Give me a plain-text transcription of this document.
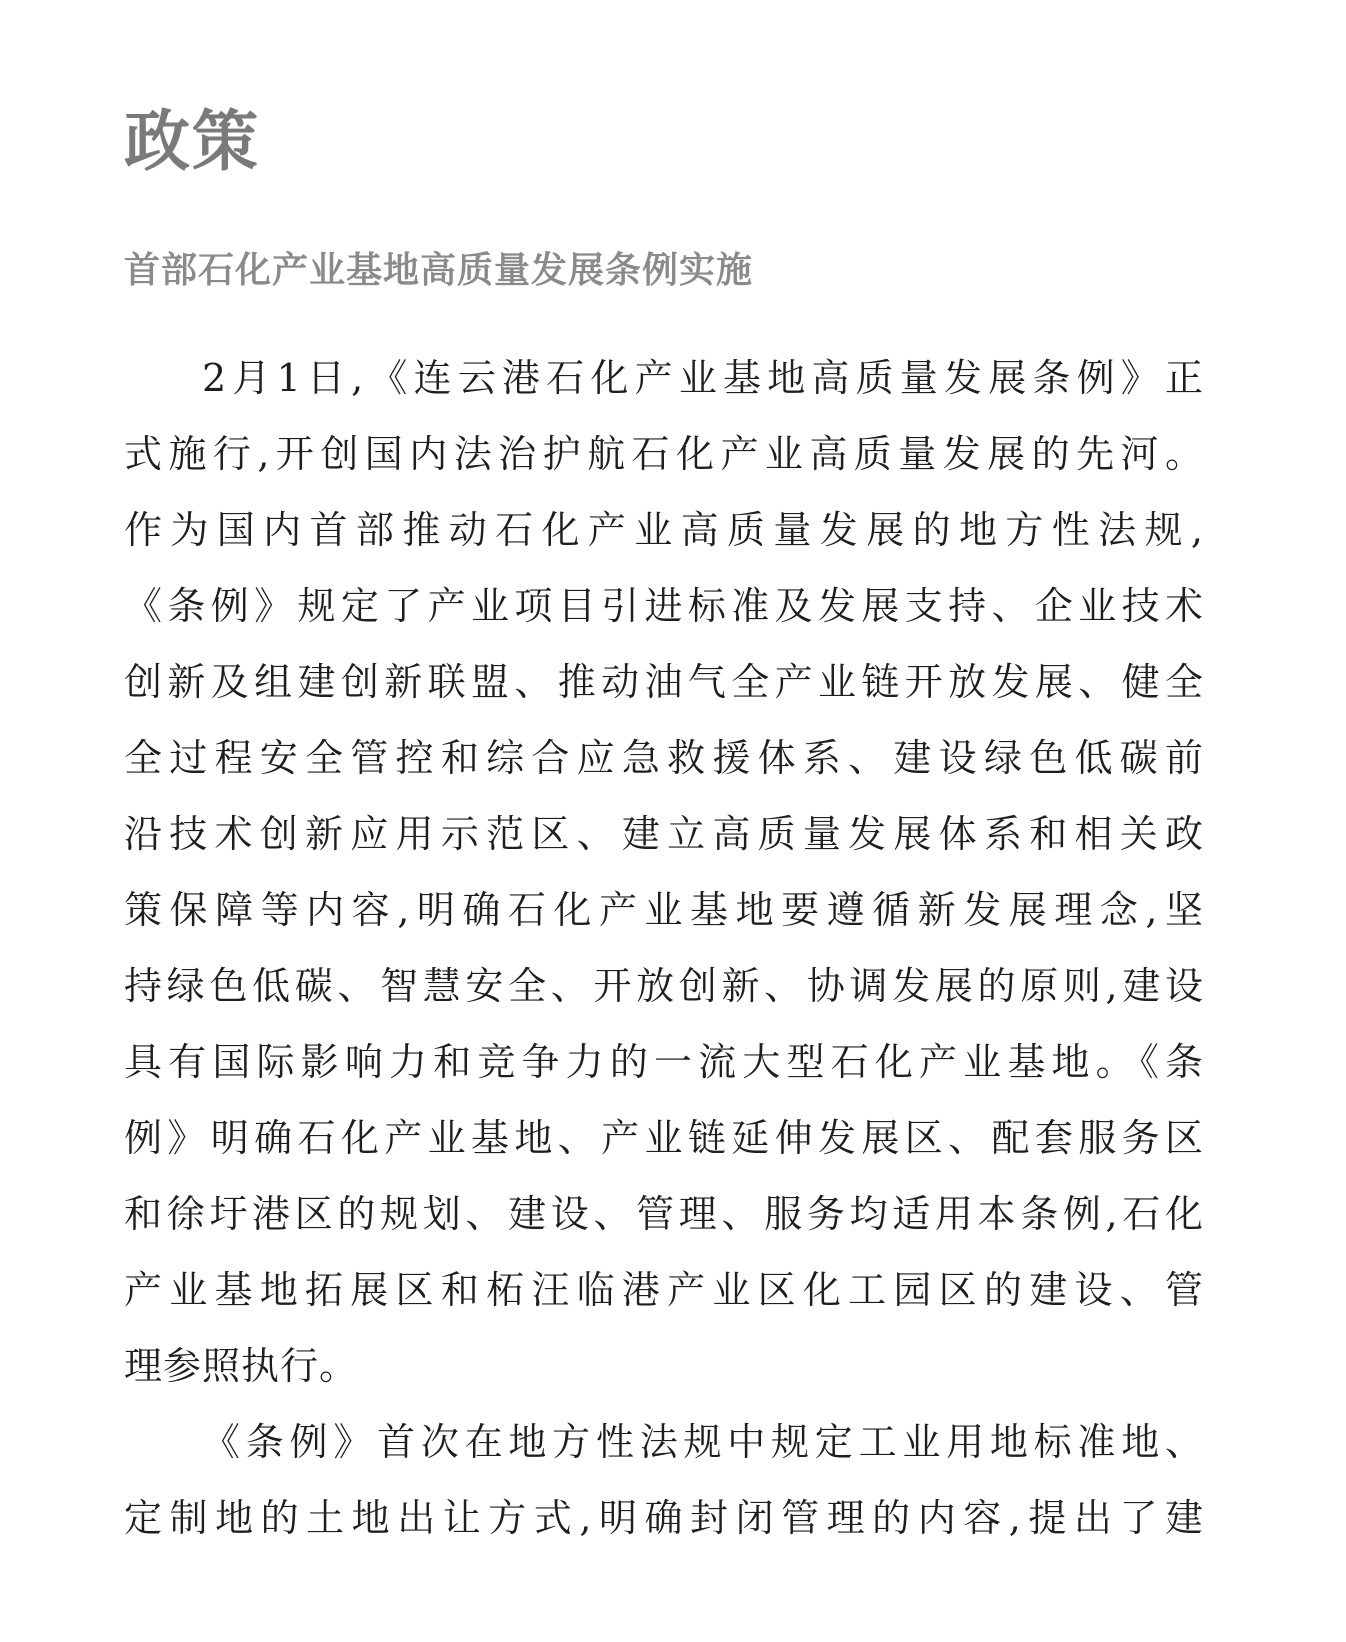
政策
首部石化产业基地高质量发展条例实施
2月1日,《连云港石化产业基地高质量发展条例》正
式施行,开创国内法治护航石化产业高质量发展的先河。
作为国内首部推动石化产业高质量发展的地方性法规,
《条例》规定了产业项目引进标准及发展支持、企业技术
创新及组建创新联盟、推动油气全产业链开放发展、健全
全过程安全管控和综合应急救援体系、建设绿色低碳前
沿技术创新应用示范区、建立高质量发展体系和相关政
策保障等内容,明确石化产业基地要遵循新发展理念,坚
持绿色低碳、智慧安全、开放创新、协调发展的原则,建设
具有国际影响力和竞争力的一流大型石化产业基地。《条
例》明确石化产业基地、产业链延伸发展区、配套服务区
和徐圩港区的规划、建设、管理、服务均适用本条例,石化
产业基地拓展区和柘汪临港产业区化工园区的建设、管
理参照执行。
《条例》首次在地方性法规中规定工业用地标准地、
定制地的土地出让方式,明确封闭管理的内容,提出了建
